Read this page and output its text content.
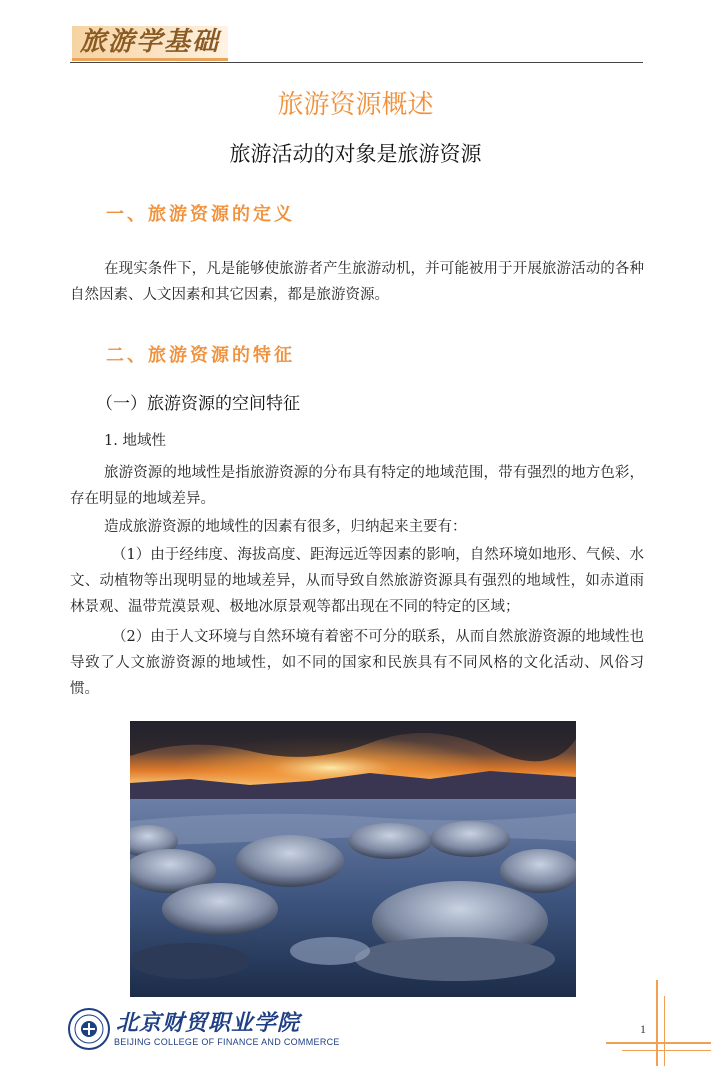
旅游学基础
旅游资源概述
旅游活动的对象是旅游资源
一、旅游资源的定义
在现实条件下，凡是能够使旅游者产生旅游动机，并可能被用于开展旅游活动的各种自然因素、人文因素和其它因素，都是旅游资源。
二、旅游资源的特征
（一）旅游资源的空间特征
1. 地域性
旅游资源的地域性是指旅游资源的分布具有特定的地域范围，带有强烈的地方色彩，存在明显的地域差异。
造成旅游资源的地域性的因素有很多，归纳起来主要有：
（1）由于经纬度、海拔高度、距海远近等因素的影响，自然环境如地形、气候、水文、动植物等出现明显的地域差异，从而导致自然旅游资源具有强烈的地域性，如赤道雨林景观、温带荒漠景观、极地冰原景观等都出现在不同的特定的区域；
（2）由于人文环境与自然环境有着密不可分的联系，从而自然旅游资源的地域性也导致了人文旅游资源的地域性，如不同的国家和民族具有不同风格的文化活动、风俗习惯。
北京财贸职业学院
BEIJING COLLEGE OF FINANCE AND COMMERCE
1
